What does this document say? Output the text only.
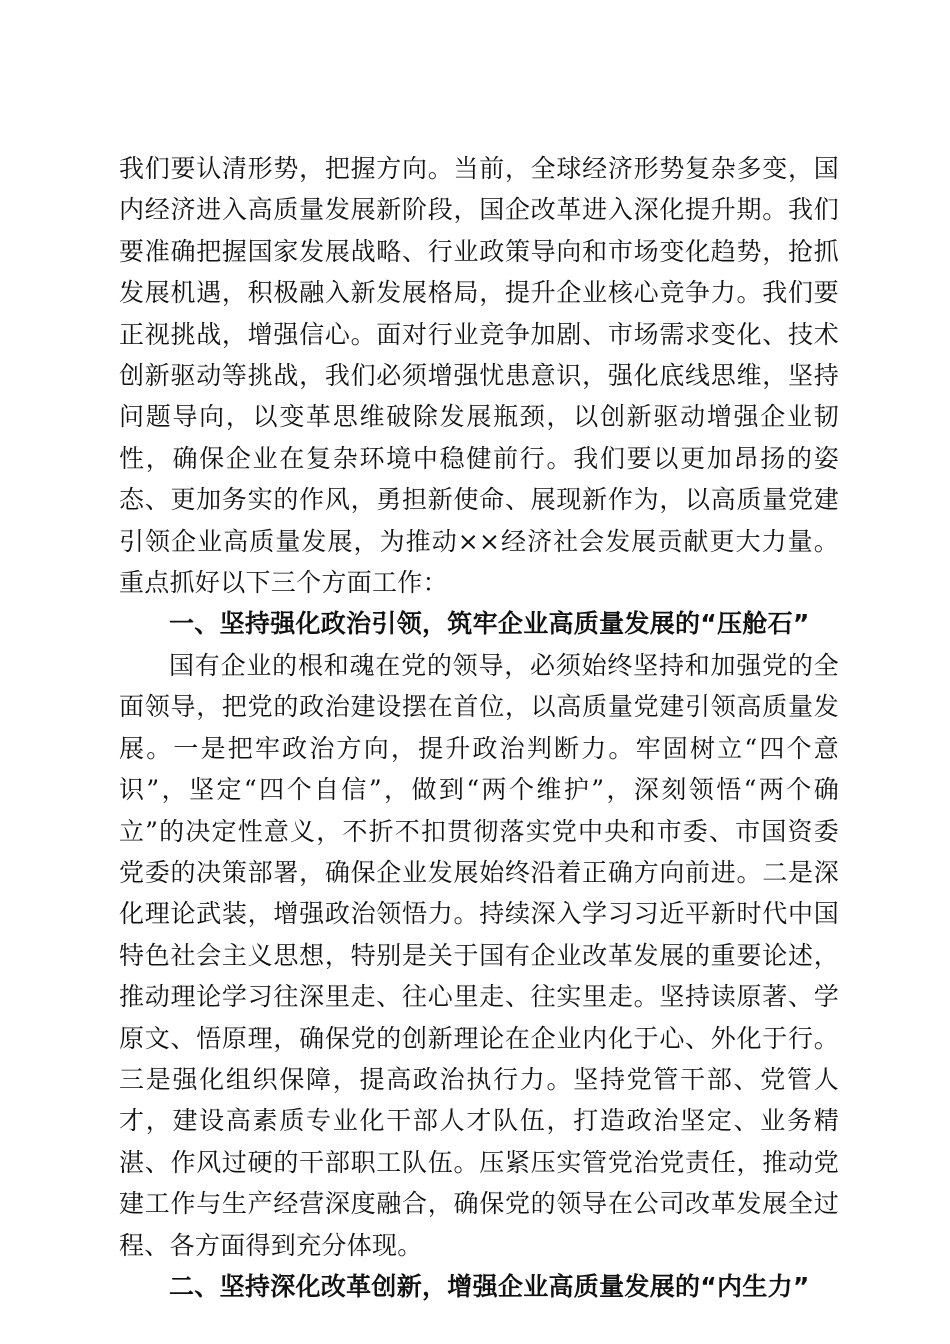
我们要认清形势，把握方向。当前，全球经济形势复杂多变，国内经济进入高质量发展新阶段，国企改革进入深化提升期。我们要准确把握国家发展战略、行业政策导向和市场变化趋势，抢抓发展机遇，积极融入新发展格局，提升企业核心竞争力。我们要正视挑战，增强信心。面对行业竞争加剧、市场需求变化、技术创新驱动等挑战，我们必须增强忧患意识，强化底线思维，坚持问题导向，以变革思维破除发展瓶颈，以创新驱动增强企业韧性，确保企业在复杂环境中稳健前行。我们要以更加昂扬的姿态、更加务实的作风，勇担新使命、展现新作为，以高质量党建引领企业高质量发展，为推动××经济社会发展贡献更大力量。重点抓好以下三个方面工作：

一、坚持强化政治引领，筑牢企业高质量发展的“压舱石”

国有企业的根和魂在党的领导，必须始终坚持和加强党的全面领导，把党的政治建设摆在首位，以高质量党建引领高质量发展。一是把牢政治方向，提升政治判断力。牢固树立“四个意识”，坚定“四个自信”，做到“两个维护”，深刻领悟“两个确立”的决定性意义，不折不扣贯彻落实党中央和市委、市国资委党委的决策部署，确保企业发展始终沿着正确方向前进。二是深化理论武装，增强政治领悟力。持续深入学习习近平新时代中国特色社会主义思想，特别是关于国有企业改革发展的重要论述，推动理论学习往深里走、往心里走、往实里走。坚持读原著、学原文、悟原理，确保党的创新理论在企业内化于心、外化于行。三是强化组织保障，提高政治执行力。坚持党管干部、党管人才，建设高素质专业化干部人才队伍，打造政治坚定、业务精湛、作风过硬的干部职工队伍。压紧压实管党治党责任，推动党建工作与生产经营深度融合，确保党的领导在公司改革发展全过程、各方面得到充分体现。

二、坚持深化改革创新，增强企业高质量发展的“内生力”
